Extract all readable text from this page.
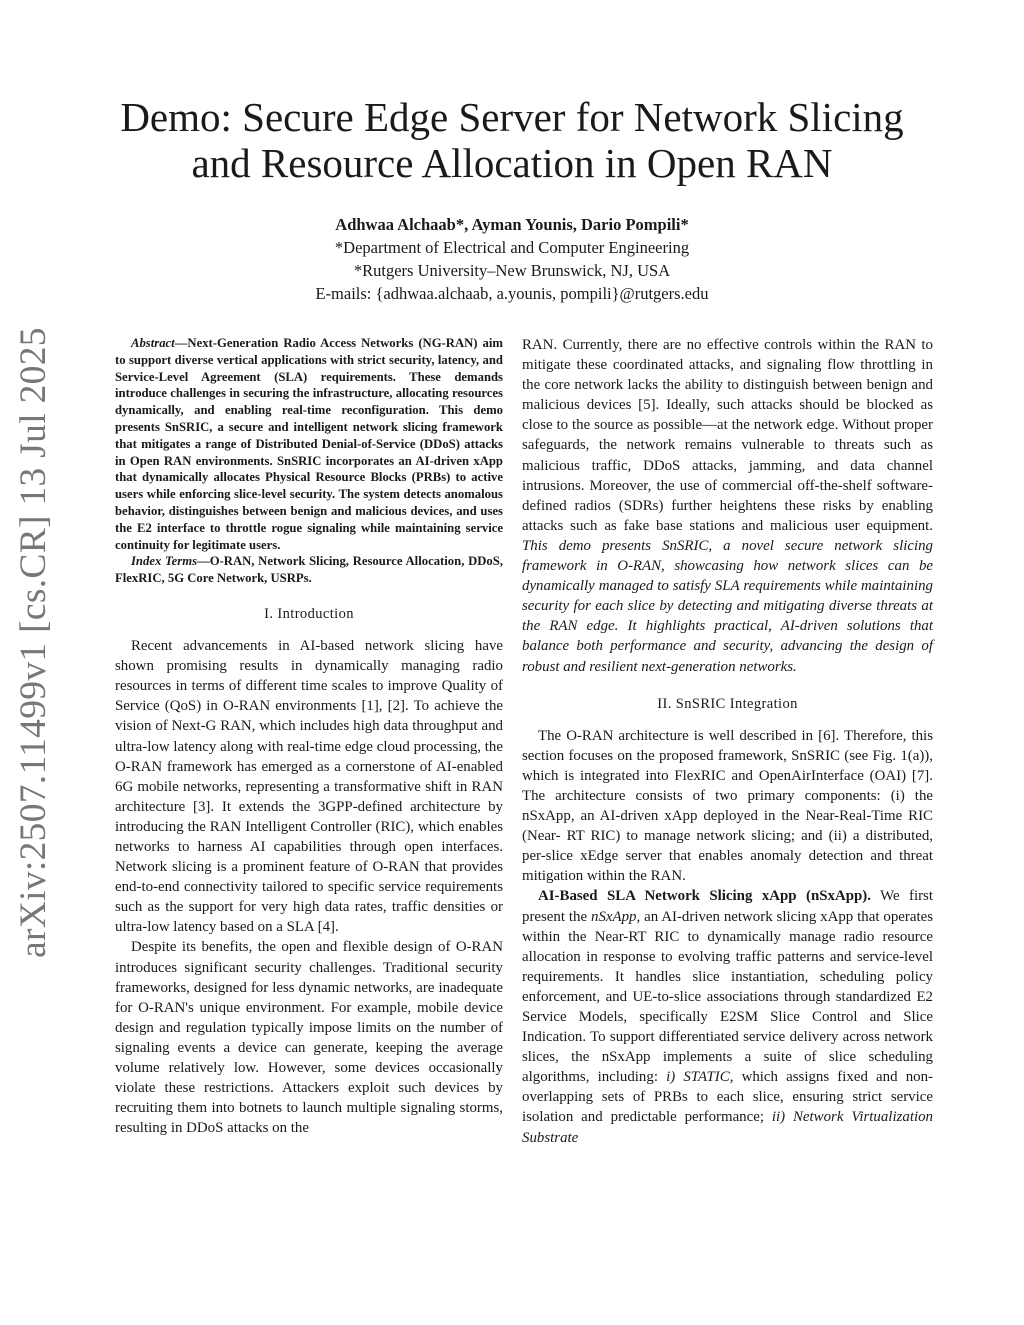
arXiv:2507.11499v1 [cs.CR] 13 Jul 2025
Demo: Secure Edge Server for Network Slicing
and Resource Allocation in Open RAN
Adhwaa Alchaab*, Ayman Younis, Dario Pompili*
*Department of Electrical and Computer Engineering
*Rutgers University–New Brunswick, NJ, USA
E-mails: {adhwaa.alchaab, a.younis, pompili}@rutgers.edu

Abstract—Next-Generation Radio Access Networks (NG-RAN) aim to support diverse vertical applications with strict security, latency, and Service-Level Agreement (SLA) requirements. These demands introduce challenges in securing the infrastructure, allocating resources dynamically, and enabling real-time reconfiguration. This demo presents SnSRIC, a secure and intelligent network slicing framework that mitigates a range of Distributed Denial-of-Service (DDoS) attacks in Open RAN environments. SnSRIC incorporates an AI-driven xApp that dynamically allocates Physical Resource Blocks (PRBs) to active users while enforcing slice-level security. The system detects anomalous behavior, distinguishes between benign and malicious devices, and uses the E2 interface to throttle rogue signaling while maintaining service continuity for legitimate users.

Index Terms—O-RAN, Network Slicing, Resource Allocation, DDoS, FlexRIC, 5G Core Network, USRPs.

I. Introduction

Recent advancements in AI-based network slicing have shown promising results in dynamically managing radio resources in terms of different time scales to improve Quality of Service (QoS) in O-RAN environments [1], [2]. To achieve the vision of Next-G RAN, which includes high data throughput and ultra-low latency along with real-time edge cloud processing, the O-RAN framework has emerged as a cornerstone of AI-enabled 6G mobile networks, representing a transformative shift in RAN architecture [3]. It extends the 3GPP-defined architecture by introducing the RAN Intelligent Controller (RIC), which enables networks to harness AI capabilities through open interfaces. Network slicing is a prominent feature of O-RAN that provides end-to-end connectivity tailored to specific service requirements such as the support for very high data rates, traffic densities or ultra-low latency based on a SLA [4].

Despite its benefits, the open and flexible design of O-RAN introduces significant security challenges. Traditional security frameworks, designed for less dynamic networks, are inadequate for O-RAN's unique environment. For example, mobile device design and regulation typically impose limits on the number of signaling events a device can generate, keeping the average volume relatively low. However, some devices occasionally violate these restrictions. Attackers exploit such devices by recruiting them into botnets to launch multiple signaling storms, resulting in DDoS attacks on the

RAN. Currently, there are no effective controls within the RAN to mitigate these coordinated attacks, and signaling flow throttling in the core network lacks the ability to distinguish between benign and malicious devices [5]. Ideally, such attacks should be blocked as close to the source as possible—at the network edge. Without proper safeguards, the network remains vulnerable to threats such as malicious traffic, DDoS attacks, jamming, and data channel intrusions. Moreover, the use of commercial off-the-shelf software-defined radios (SDRs) further heightens these risks by enabling attacks such as fake base stations and malicious user equipment. This demo presents SnSRIC, a novel secure network slicing framework in O-RAN, showcasing how network slices can be dynamically managed to satisfy SLA requirements while maintaining security for each slice by detecting and mitigating diverse threats at the RAN edge. It highlights practical, AI-driven solutions that balance both performance and security, advancing the design of robust and resilient next-generation networks.

II. SnSRIC Integration

The O-RAN architecture is well described in [6]. Therefore, this section focuses on the proposed framework, SnSRIC (see Fig. 1(a)), which is integrated into FlexRIC and OpenAirInterface (OAI) [7]. The architecture consists of two primary components: (i) the nSxApp, an AI-driven xApp deployed in the Near-Real-Time RIC (Near- RT RIC) to manage network slicing; and (ii) a distributed, per-slice xEdge server that enables anomaly detection and threat mitigation within the RAN.

AI-Based SLA Network Slicing xApp (nSxApp). We first present the nSxApp, an AI-driven network slicing xApp that operates within the Near-RT RIC to dynamically manage radio resource allocation in response to evolving traffic patterns and service-level requirements. It handles slice instantiation, scheduling policy enforcement, and UE-to-slice associations through standardized E2 Service Models, specifically E2SM Slice Control and Slice Indication. To support differentiated service delivery across network slices, the nSxApp implements a suite of slice scheduling algorithms, including: i) STATIC, which assigns fixed and non-overlapping sets of PRBs to each slice, ensuring strict service isolation and predictable performance; ii) Network Virtualization Substrate
